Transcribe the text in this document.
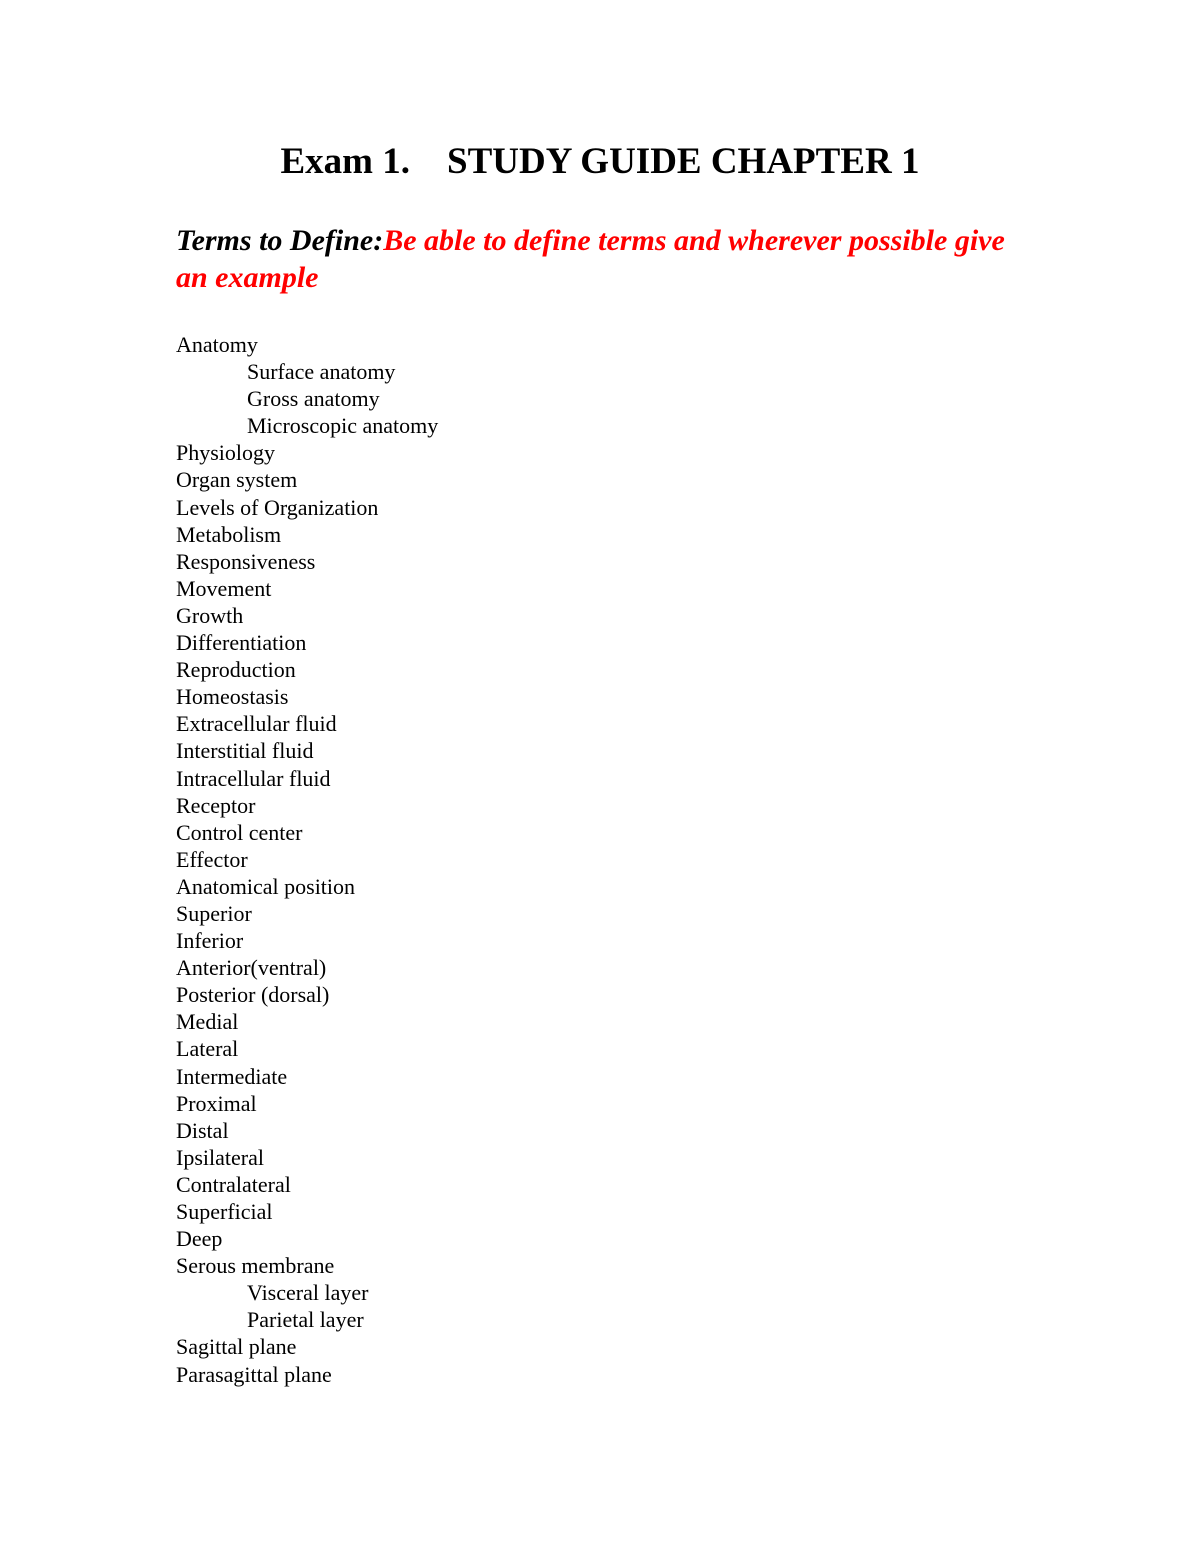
Exam 1.    STUDY GUIDE CHAPTER 1
Terms to Define:Be able to define terms and wherever possible give an example
Anatomy
Surface anatomy
Gross anatomy
Microscopic anatomy
Physiology
Organ system
Levels of Organization
Metabolism
Responsiveness
Movement
Growth
Differentiation
Reproduction
Homeostasis
Extracellular fluid
Interstitial fluid
Intracellular fluid
Receptor
Control center
Effector
Anatomical position
Superior
Inferior
Anterior(ventral)
Posterior (dorsal)
Medial
Lateral
Intermediate
Proximal
Distal
Ipsilateral
Contralateral
Superficial
Deep
Serous membrane
Visceral layer
Parietal layer
Sagittal plane
Parasagittal plane
